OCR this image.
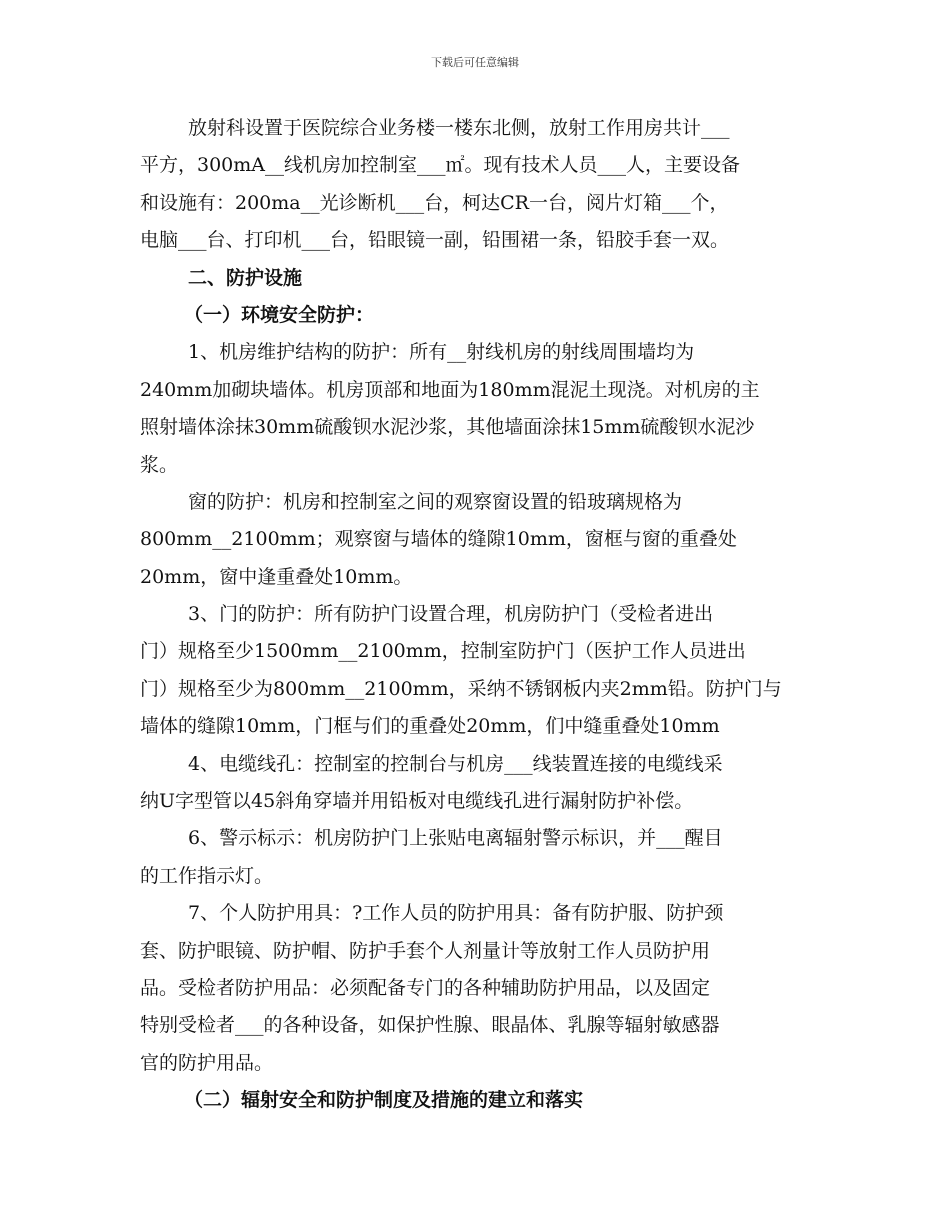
下载后可任意编辑
放射科设置于医院综合业务楼一楼东北侧，放射工作用房共计___
平方，300mA__线机房加控制室___㎡。现有技术人员___人，主要设备
和设施有：200ma__光诊断机___台，柯达CR一台，阅片灯箱___个，
电脑___台、打印机___台，铅眼镜一副，铅围裙一条，铅胶手套一双。
二、防护设施
（一）环境安全防护：
1、机房维护结构的防护：所有__射线机房的射线周围墙均为
240mm加砌块墙体。机房顶部和地面为180mm混泥土现浇。对机房的主
照射墙体涂抹30mm硫酸钡水泥沙浆，其他墙面涂抹15mm硫酸钡水泥沙
浆。
窗的防护：机房和控制室之间的观察窗设置的铅玻璃规格为
800mm__2100mm；观察窗与墙体的缝隙10mm，窗框与窗的重叠处
20mm，窗中逢重叠处10mm。
3、门的防护：所有防护门设置合理，机房防护门（受检者进出
门）规格至少1500mm__2100mm，控制室防护门（医护工作人员进出
门）规格至少为800mm__2100mm，采纳不锈钢板内夹2mm铅。防护门与
墙体的缝隙10mm，门框与们的重叠处20mm，们中缝重叠处10mm
4、电缆线孔：控制室的控制台与机房___线装置连接的电缆线采
纳U字型管以45斜角穿墙并用铅板对电缆线孔进行漏射防护补偿。
6、警示标示：机房防护门上张贴电离辐射警示标识，并___醒目
的工作指示灯。
7、个人防护用具：?工作人员的防护用具：备有防护服、防护颈
套、防护眼镜、防护帽、防护手套个人剂量计等放射工作人员防护用
品。受检者防护用品：必须配备专门的各种辅助防护用品，以及固定
特别受检者___的各种设备，如保护性腺、眼晶体、乳腺等辐射敏感器
官的防护用品。
（二）辐射安全和防护制度及措施的建立和落实
